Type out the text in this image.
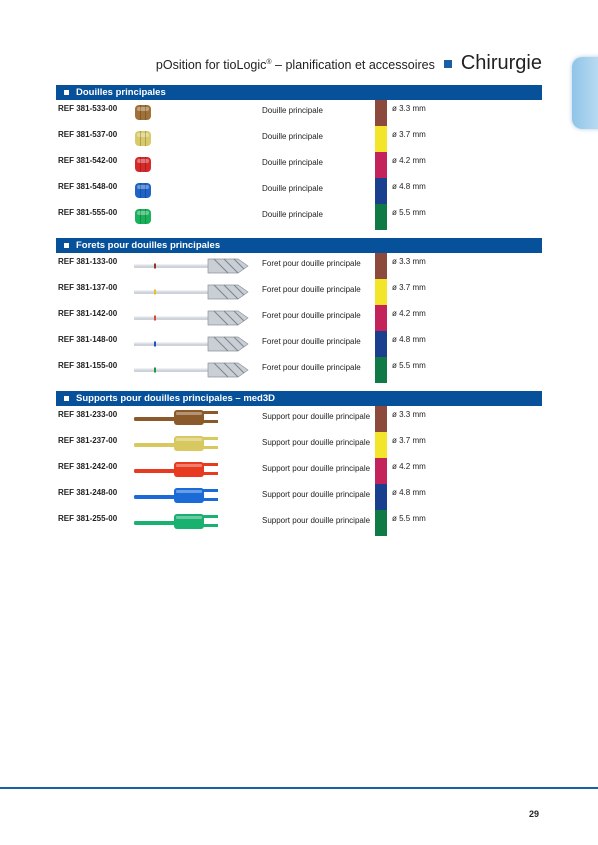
pOsition for tioLogic® – planification et accessoires Chirurgie
Douilles principales
REF 381-533-00	Douille principale	ø 3.3 mm
REF 381-537-00	Douille principale	ø 3.7 mm
REF 381-542-00	Douille principale	ø 4.2 mm
REF 381-548-00	Douille principale	ø 4.8 mm
REF 381-555-00	Douille principale	ø 5.5 mm
Forets pour douilles principales
REF 381-133-00	Foret pour douille principale	ø 3.3 mm
REF 381-137-00	Foret pour douille principale	ø 3.7 mm
REF 381-142-00	Foret pour douille principale	ø 4.2 mm
REF 381-148-00	Foret pour douille principale	ø 4.8 mm
REF 381-155-00	Foret pour douille principale	ø 5.5 mm
Supports pour douilles principales – med3D
REF 381-233-00	Support pour douille principale	ø 3.3 mm
REF 381-237-00	Support pour douille principale	ø 3.7 mm
REF 381-242-00	Support pour douille principale	ø 4.2 mm
REF 381-248-00	Support pour douille principale	ø 4.8 mm
REF 381-255-00	Support pour douille principale	ø 5.5 mm
29
